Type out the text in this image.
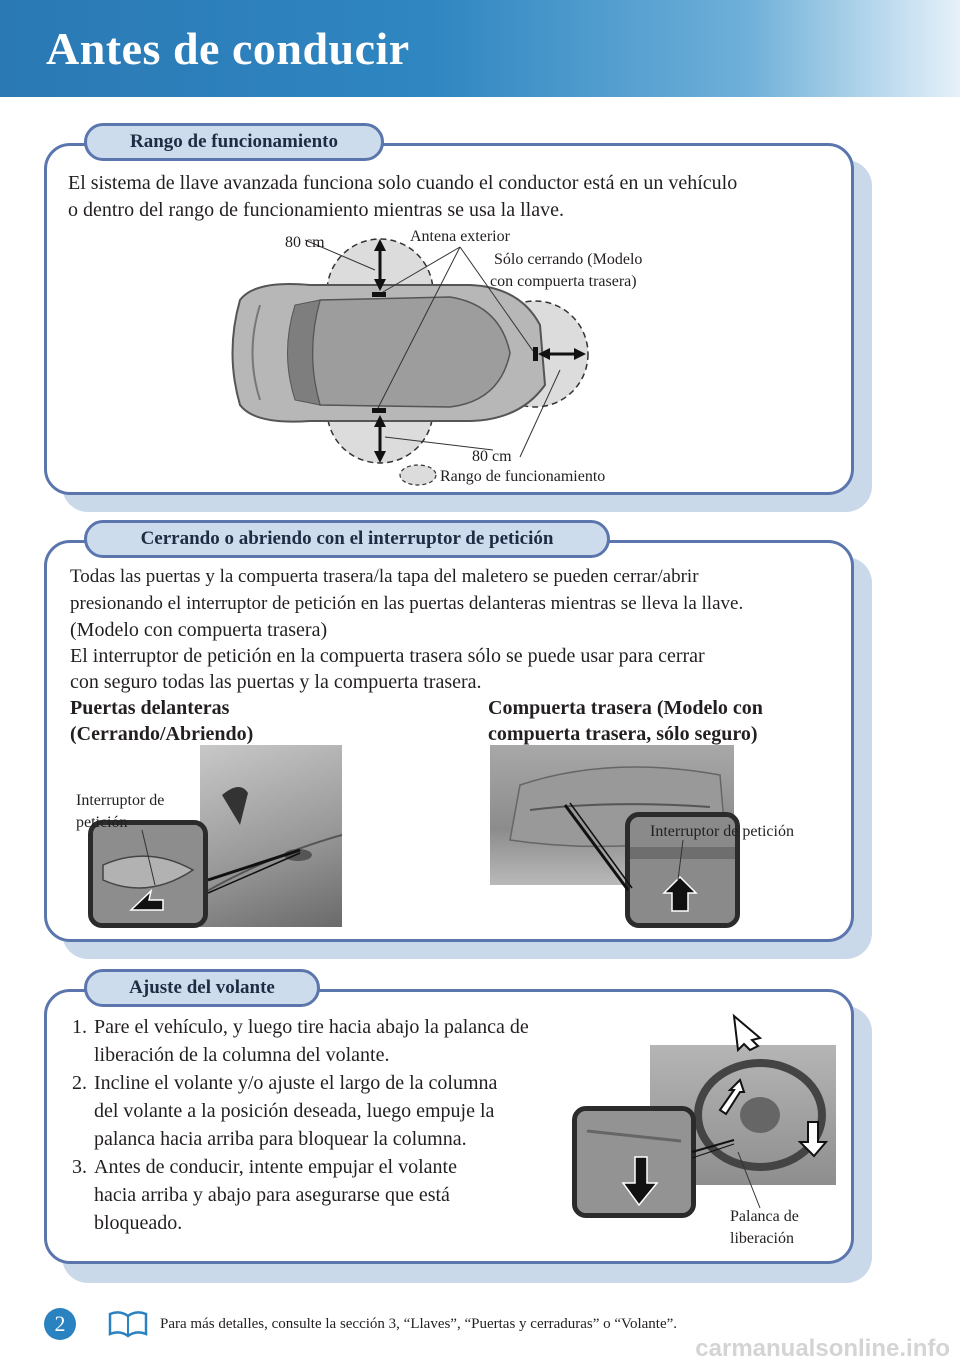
Antes de conducir
Rango de funcionamiento
El sistema de llave avanzada funciona solo cuando el conductor está en un vehículo
o dentro del rango de funcionamiento mientras se usa la llave.
80 cm	Antena exterior
Sólo cerrando (Modelo
con compuerta trasera)
80 cm
Rango de funcionamiento
Cerrando o abriendo con el interruptor de petición
Todas las puertas y la compuerta trasera/la tapa del maletero se pueden cerrar/abrir
presionando el interruptor de petición en las puertas delanteras mientras se lleva la llave.
(Modelo con compuerta trasera)
El interruptor de petición en la compuerta trasera sólo se puede usar para cerrar
con seguro todas las puertas y la compuerta trasera.
Puertas delanteras
(Cerrando/Abriendo)
Compuerta trasera (Modelo con
compuerta trasera, sólo seguro)
Interruptor de
petición
Interruptor de petición
Ajuste del volante
1. Pare el vehículo, y luego tire hacia abajo la palanca de
liberación de la columna del volante.
2. Incline el volante y/o ajuste el largo de la columna
del volante a la posición deseada, luego empuje la
palanca hacia arriba para bloquear la columna.
3. Antes de conducir, intente empujar el volante
hacia arriba y abajo para asegurarse que está
bloqueado.	Palanca de
liberación
2	Para más detalles, consulte la sección 3, “Llaves”, “Puertas y cerraduras” o “Volante”.
carmanualsonline.info
